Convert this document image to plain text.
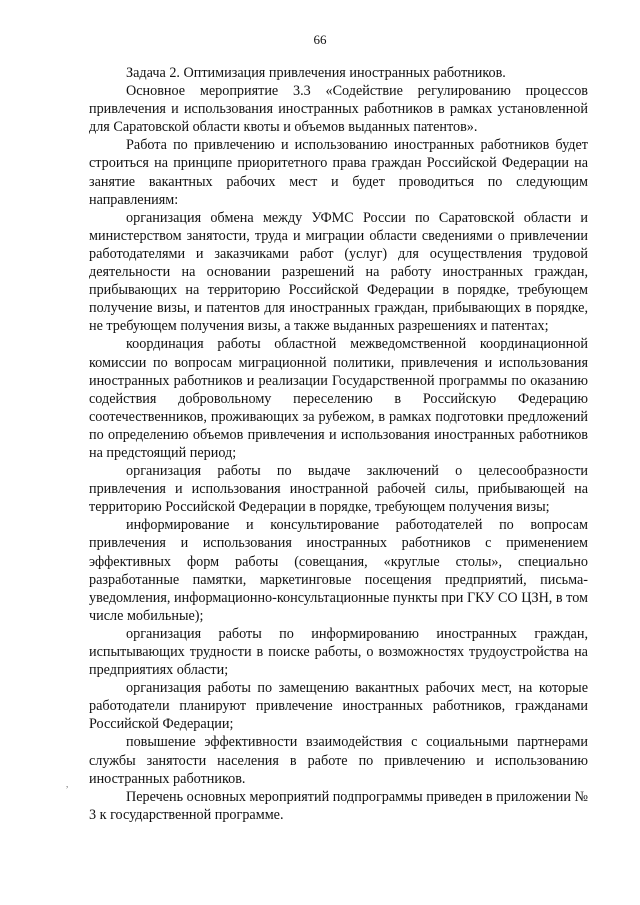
66

Задача 2. Оптимизация привлечения иностранных работников.

Основное мероприятие 3.3 «Содействие регулированию процессов привлечения и использования иностранных работников в рамках установленной для Саратовской области квоты и объемов выданных патентов».

Работа по привлечению и использованию иностранных работников будет строиться на принципе приоритетного права граждан Российской Федерации на занятие вакантных рабочих мест и будет проводиться по следующим направлениям:

организация обмена между УФМС России по Саратовской области и министерством занятости, труда и миграции области сведениями о привлечении работодателями и заказчиками работ (услуг) для осуществления трудовой деятельности на основании разрешений на работу иностранных граждан, прибывающих на территорию Российской Федерации в порядке, требующем получение визы, и патентов для иностранных граждан, прибывающих в порядке, не требующем получения визы, а также выданных разрешениях и патентах;

координация работы областной межведомственной координационной комиссии по вопросам миграционной политики, привлечения и использования иностранных работников и реализации Государственной программы по оказанию содействия добровольному переселению в Российскую Федерацию соотечественников, проживающих за рубежом, в рамках подготовки предложений по определению объемов привлечения и использования иностранных работников на предстоящий период;

организация работы по выдаче заключений о целесообразности привлечения и использования иностранной рабочей силы, прибывающей на территорию Российской Федерации в порядке, требующем получения визы;

информирование и консультирование работодателей по вопросам привлечения и использования иностранных работников с применением эффективных форм работы (совещания, «круглые столы», специально разработанные памятки, маркетинговые посещения предприятий, письма-уведомления, информационно-консультационные пункты при ГКУ СО ЦЗН, в том числе мобильные);

организация работы по информированию иностранных граждан, испытывающих трудности в поиске работы, о возможностях трудоустройства на предприятиях области;

организация работы по замещению вакантных рабочих мест, на которые работодатели планируют привлечение иностранных работников, гражданами Российской Федерации;

повышение эффективности взаимодействия с социальными партнерами службы занятости населения в работе по привлечению и использованию иностранных работников.

Перечень основных мероприятий подпрограммы приведен в приложении № 3 к государственной программе.

,
